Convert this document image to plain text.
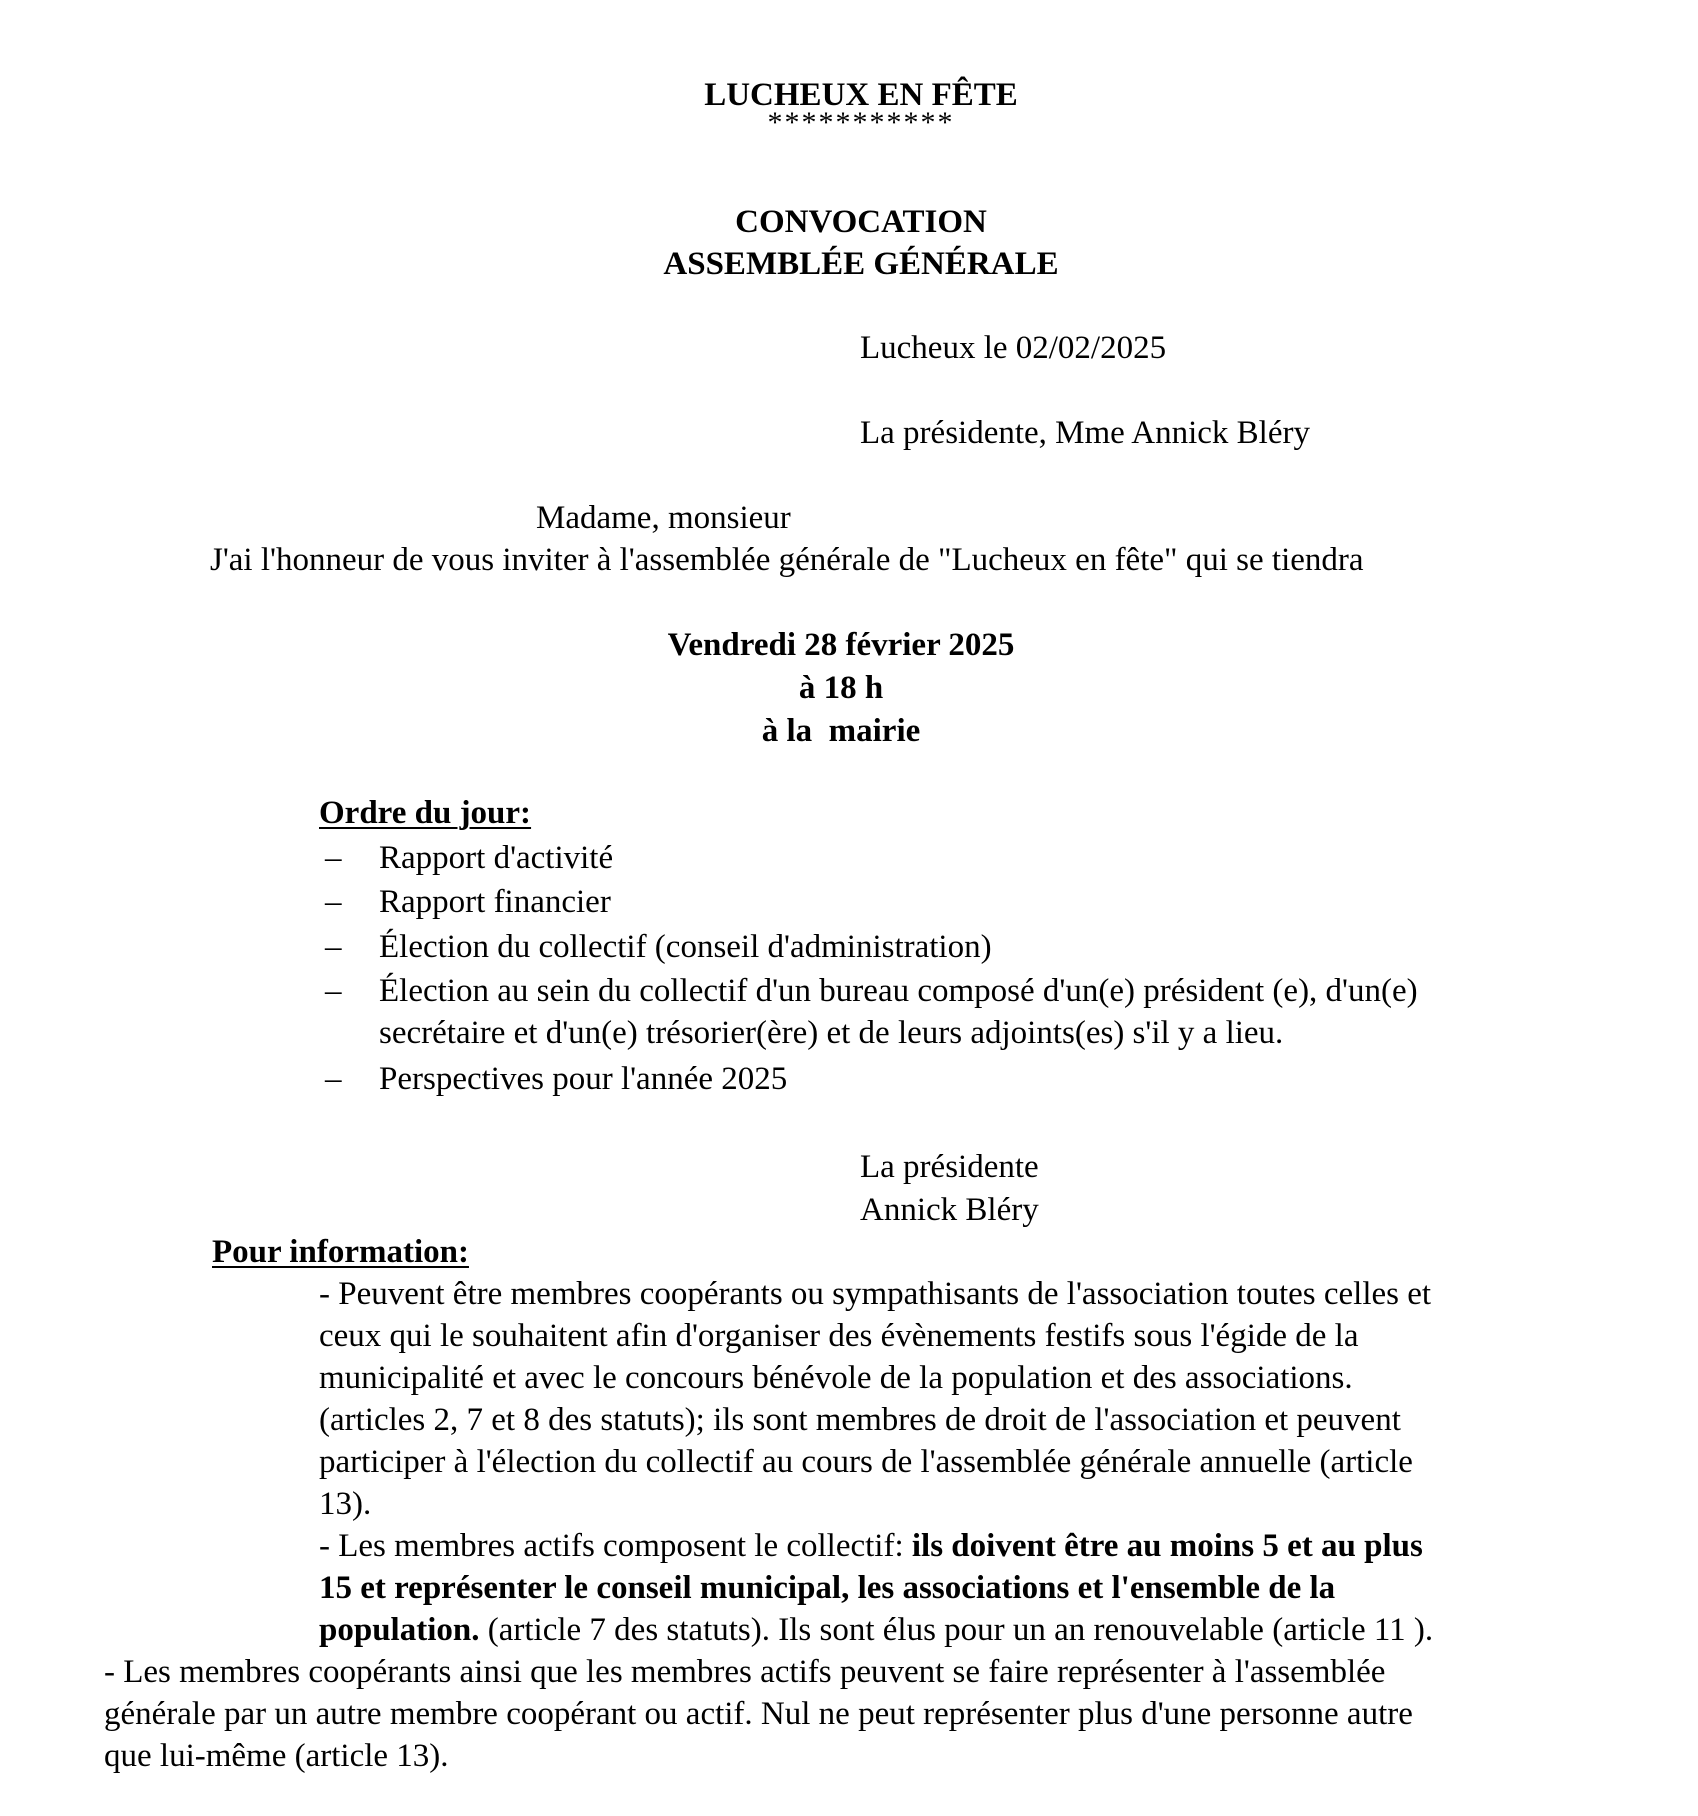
LUCHEUX EN FÊTE
***********
CONVOCATION
ASSEMBLÉE GÉNÉRALE
Lucheux le 02/02/2025
La présidente, Mme Annick Bléry
Madame, monsieur
J'ai l'honneur de vous inviter à l'assemblée générale de "Lucheux en fête" qui se tiendra
Vendredi 28 février 2025
à 18 h
à la  mairie
Ordre du jour:
– Rapport d'activité
– Rapport financier
– Élection du collectif (conseil d'administration)
– Élection au sein du collectif d'un bureau composé d'un(e) président (e), d'un(e)
secrétaire et d'un(e) trésorier(ère) et de leurs adjoints(es) s'il y a lieu.
– Perspectives pour l'année 2025
La présidente
Annick Bléry
Pour information:
- Peuvent être membres coopérants ou sympathisants de l'association toutes celles et
ceux qui le souhaitent afin d'organiser des évènements festifs sous l'égide de la
municipalité et avec le concours bénévole de la population et des associations.
(articles 2, 7 et 8 des statuts); ils sont membres de droit de l'association et peuvent
participer à l'élection du collectif au cours de l'assemblée générale annuelle (article
13).
- Les membres actifs composent le collectif: ils doivent être au moins 5 et au plus
15 et représenter le conseil municipal, les associations et l'ensemble de la
population. (article 7 des statuts). Ils sont élus pour un an renouvelable (article 11 ).
- Les membres coopérants ainsi que les membres actifs peuvent se faire représenter à l'assemblée
générale par un autre membre coopérant ou actif. Nul ne peut représenter plus d'une personne autre
que lui-même (article 13).
